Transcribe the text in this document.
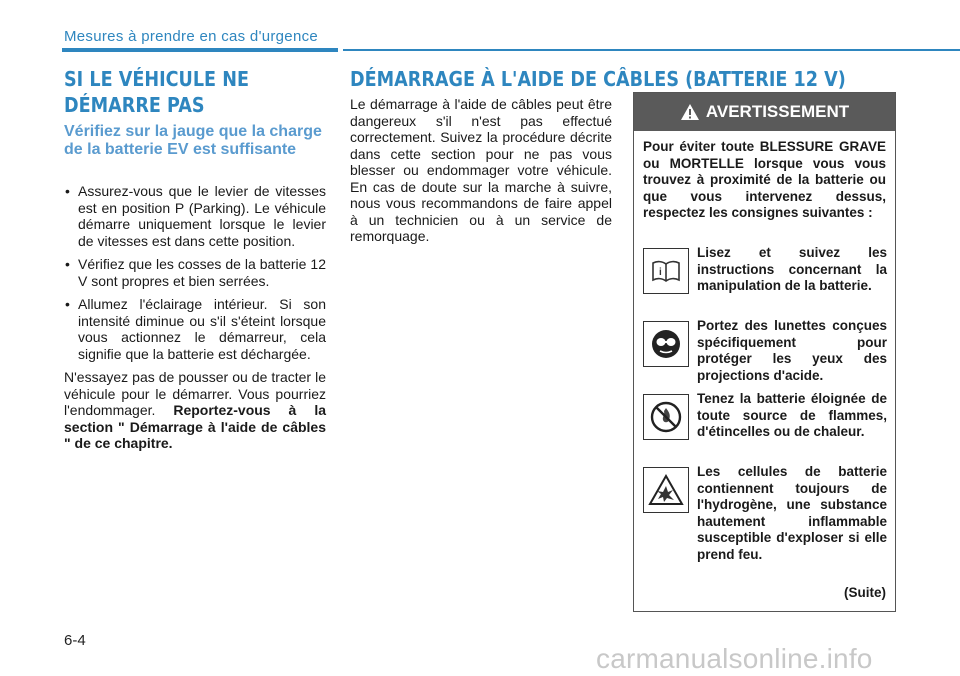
Mesures à prendre en cas d'urgence
SI LE VÉHICULE NE
DÉMARRE PAS
DÉMARRAGE À L'AIDE DE CÂBLES (BATTERIE 12 V)
Vérifiez sur la jauge que la charge de la batterie EV est suffisante
• Assurez-vous que le levier de vitesses est en position P (Parking). Le véhicule démarre uniquement lorsque le levier de vitesses est dans cette position.
• Vérifiez que les cosses de la batterie 12 V sont propres et bien serrées.
• Allumez l'éclairage intérieur. Si son intensité diminue ou s'il s'éteint lorsque vous actionnez le démarreur, cela signifie que la batterie est déchargée.

N'essayez pas de pousser ou de tracter le véhicule pour le démarrer. Vous pourriez l'endommager. Reportez-vous à la section " Démarrage à l'aide de câbles " de ce chapitre.

Le démarrage à l'aide de câbles peut être dangereux s'il n'est pas effectué correctement. Suivez la procédure décrite dans cette section pour ne pas vous blesser ou endommager votre véhicule. En cas de doute sur la marche à suivre, nous vous recommandons de faire appel à un technicien ou à un service de remorquage.

AVERTISSEMENT

Pour éviter toute BLESSURE GRAVE ou MORTELLE lorsque vous vous trouvez à proximité de la batterie ou que vous intervenez dessus, respectez les consignes suivantes :

i

Lisez et suivez les instructions concernant la manipulation de la batterie.

Portez des lunettes conçues spécifiquement pour protéger les yeux des projections d'acide.

Tenez la batterie éloignée de toute source de flammes, d'étincelles ou de chaleur.

Les cellules de batterie contiennent toujours de l'hydrogène, une substance hautement inflammable susceptible d'exploser si elle prend feu.

(Suite)
6-4
carmanualsonline.info
